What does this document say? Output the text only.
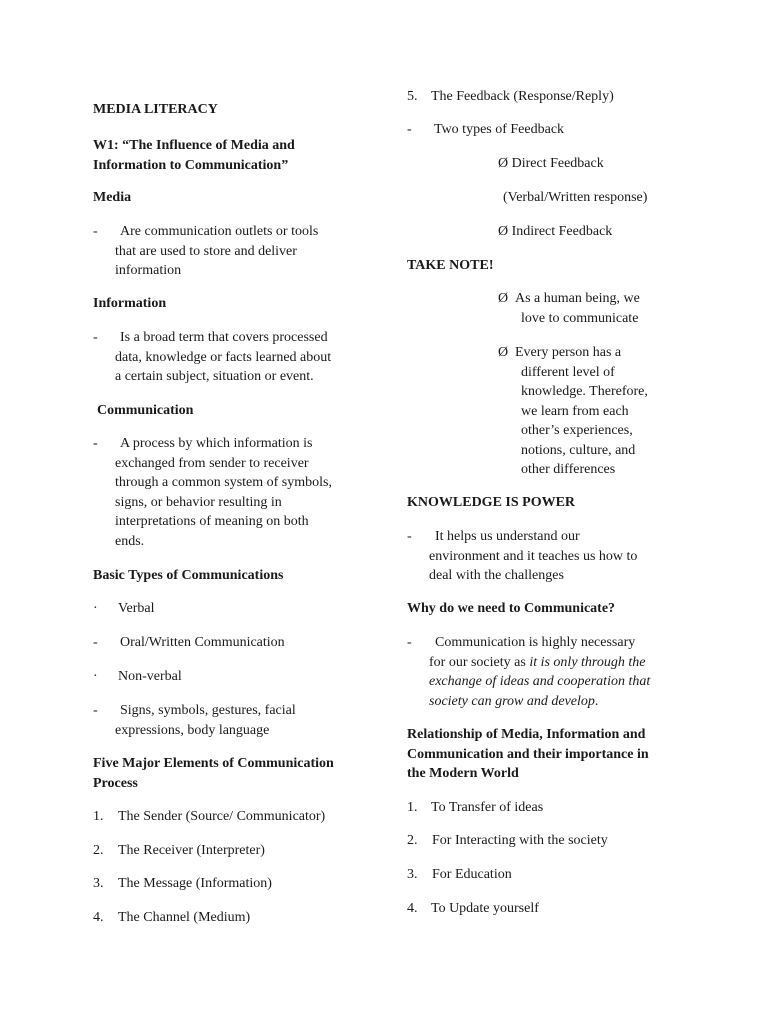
MEDIA LITERACY
W1: “The Influence of Media and
Information to Communication”
Media
-	Are communication outlets or tools
that are used to store and deliver
information
Information
-	Is a broad term that covers processed
data, knowledge or facts learned about
a certain subject, situation or event.
Communication
-	A process by which information is
exchanged from sender to receiver
through a common system of symbols,
signs, or behavior resulting in
interpretations of meaning on both
ends.
Basic Types of Communications
·	Verbal
-	Oral/Written Communication
·	Non-verbal
-	Signs, symbols, gestures, facial
expressions, body language
Five Major Elements of Communication
Process
1. The Sender (Source/ Communicator)
2. The Receiver (Interpreter)
3. The Message (Information)
4. The Channel (Medium)
5. The Feedback (Response/Reply)
- Two types of Feedback
Ø Direct Feedback
(Verbal/Written response)
Ø Indirect Feedback
TAKE NOTE!
Ø As a human being, we
love to communicate
Ø Every person has a
different level of
knowledge. Therefore,
we learn from each
other’s experiences,
notions, culture, and
other differences
KNOWLEDGE IS POWER
-	It helps us understand our
environment and it teaches us how to
deal with the challenges
Why do we need to Communicate?
-	Communication is highly necessary
for our society as it is only through the
exchange of ideas and cooperation that
society can grow and develop.
Relationship of Media, Information and
Communication and their importance in
the Modern World
1. To Transfer of ideas
2. For Interacting with the society
3. For Education
4. To Update yourself
